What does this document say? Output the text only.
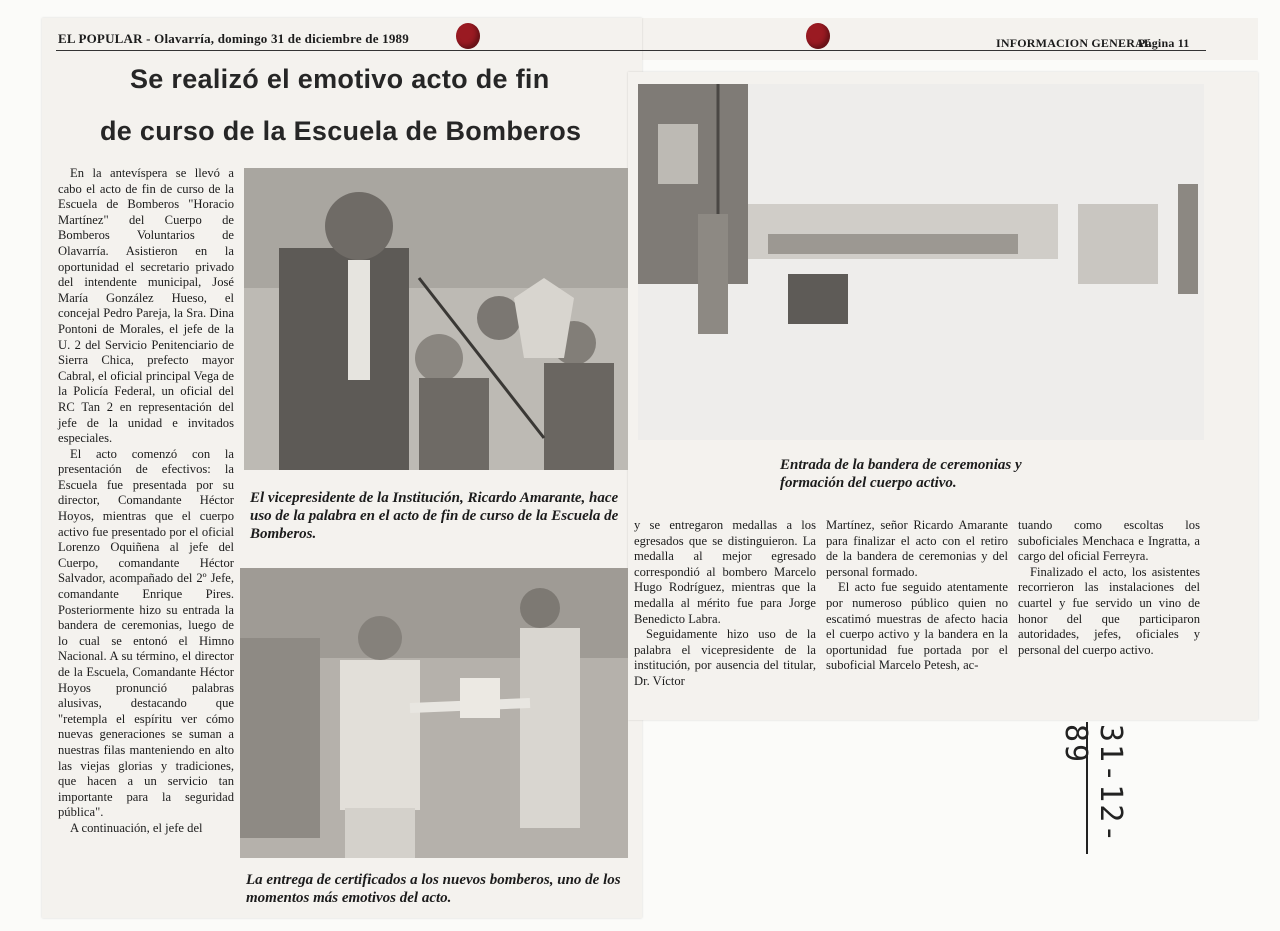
EL POPULAR - Olavarría, domingo 31 de diciembre de 1989	INFORMACION GENERAL
Página 11
Se realizó el emotivo acto de fin
de curso de la Escuela de Bomberos

En la antevíspera se llevó a cabo el acto de fin de curso de la Escuela de Bomberos "Horacio Martínez" del Cuerpo de Bomberos Voluntarios de Olavarría. Asistieron en la oportunidad el secretario privado del intendente municipal, José María González Hueso, el concejal Pedro Pareja, la Sra. Dina Pontoni de Morales, el jefe de la U. 2 del Servicio Penitenciario de Sierra Chica, prefecto mayor Cabral, el oficial principal Vega de la Policía Federal, un oficial del RC Tan 2 en representación del jefe de la unidad e invitados especiales.

El acto comenzó con la presentación de efectivos: la Escuela fue presentada por su director, Comandante Héctor Hoyos, mientras que el cuerpo activo fue presentado por el oficial Lorenzo Oquiñena al jefe del Cuerpo, comandante Héctor Salvador, acompañado del 2º Jefe, comandante Enrique Pires. Posteriormente hizo su entrada la bandera de ceremonias, luego de lo cual se entonó el Himno Nacional. A su término, el director de la Escuela, Comandante Héctor Hoyos pronunció palabras alusivas, destacando que "retempla el espíritu ver cómo nuevas generaciones se suman a nuestras filas manteniendo en alto las viejas glorias y tradiciones, que hacen a un servicio tan importante para la seguridad pública".

A continuación, el jefe del

El vicepresidente de la Institución, Ricardo Amarante, hace uso de la palabra en el acto de fin de curso de la Escuela de Bomberos.
La entrega de certificados a los nuevos bomberos, uno de los momentos más emotivos del acto.
Entrada de la bandera de ceremonias y formación del cuerpo activo.

y se entregaron medallas a los egresados que se distinguieron. La medalla al mejor egresado correspondió al bombero Marcelo Hugo Rodríguez, mientras que la medalla al mérito fue para Jorge Benedicto Labra.

Seguidamente hizo uso de la palabra el vicepresidente de la institución, por ausencia del titular, Dr. Víctor

Martínez, señor Ricardo Amarante para finalizar el acto con el retiro de la bandera de ceremonias y del personal formado.

El acto fue seguido atentamente por numeroso público quien no escatimó muestras de afecto hacia el cuerpo activo y la bandera en la oportunidad fue portada por el suboficial Marcelo Petesh, ac-

tuando como escoltas los suboficiales Menchaca e Ingratta, a cargo del oficial Ferreyra.

Finalizado el acto, los asistentes recorrieron las instalaciones del cuartel y fue servido un vino de honor del que participaron autoridades, jefes, oficiales y personal del cuerpo activo.

31-12-89
